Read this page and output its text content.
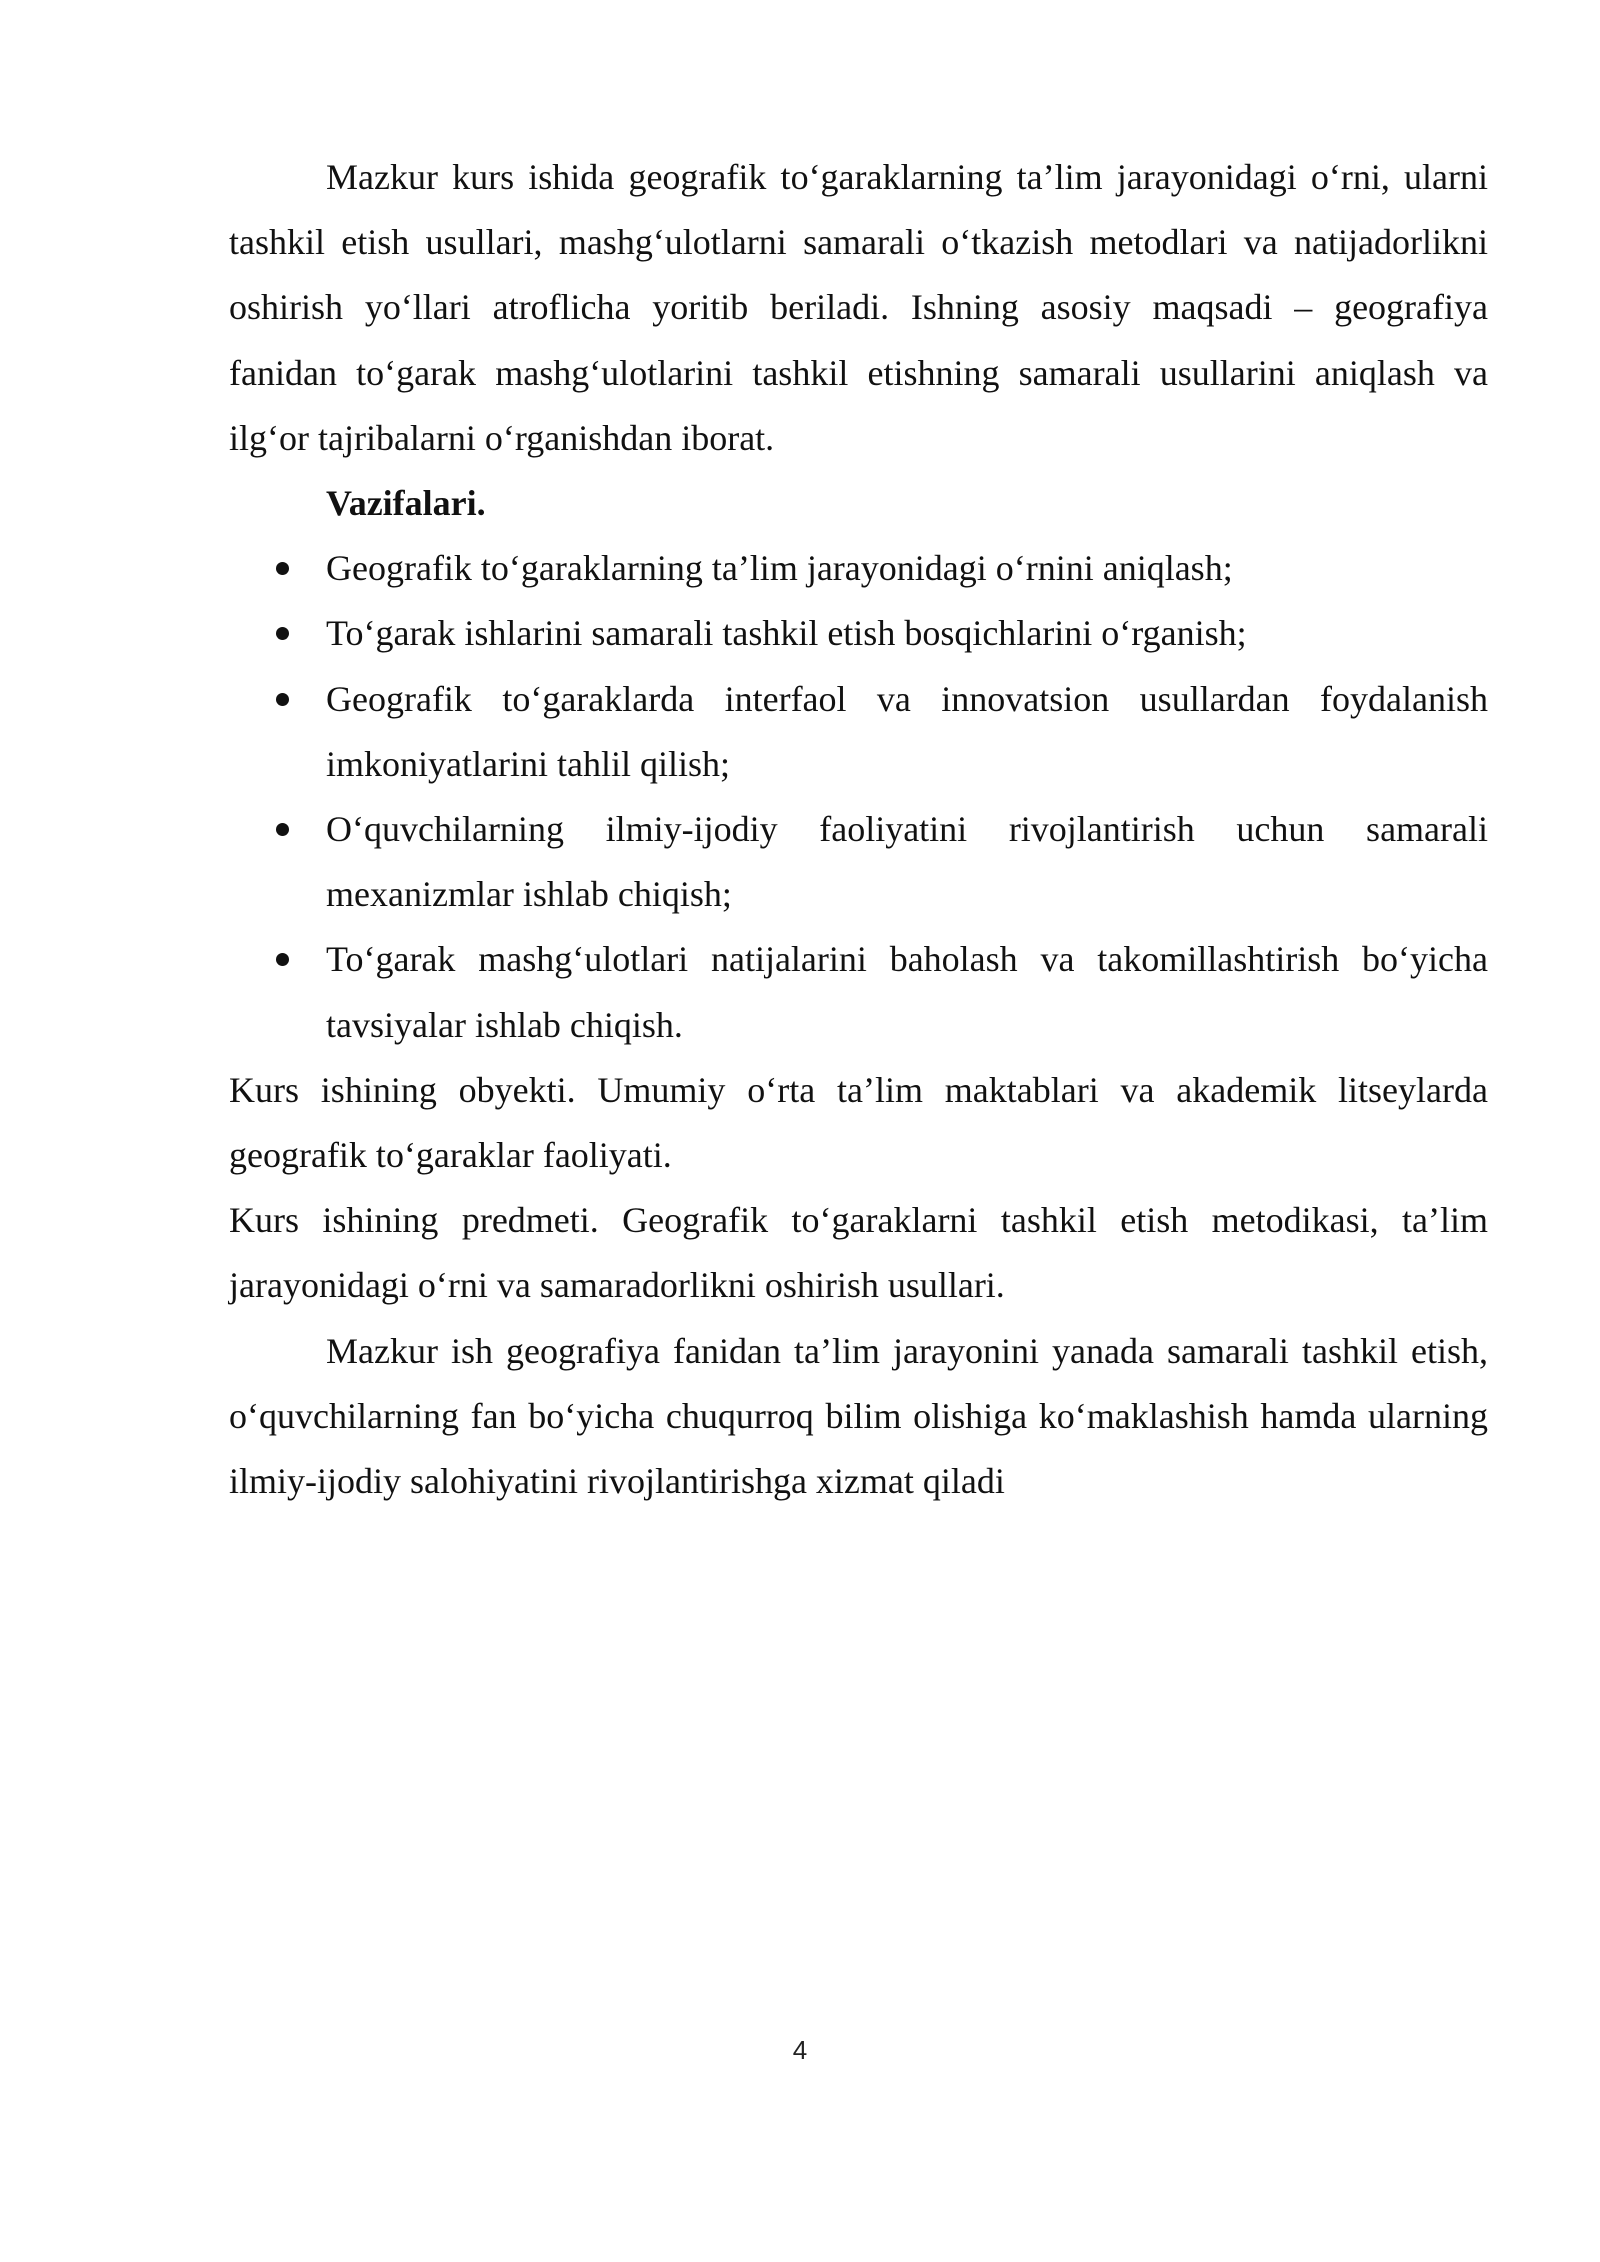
Mazkur kurs ishida geografik to‘garaklarning ta’lim jarayonidagi o‘rni, ularni tashkil etish usullari, mashg‘ulotlarni samarali o‘tkazish metodlari va natijadorlikni oshirish yo‘llari atroflicha yoritib beriladi. Ishning asosiy maqsadi – geografiya fanidan to‘garak mashg‘ulotlarini tashkil etishning samarali usullarini aniqlash va ilg‘or tajribalarni o‘rganishdan iborat.

Vazifalari.

Geografik to‘garaklarning ta’lim jarayonidagi o‘rnini aniqlash;
To‘garak ishlarini samarali tashkil etish bosqichlarini o‘rganish;
Geografik to‘garaklarda interfaol va innovatsion usullardan foydalanish imkoniyatlarini tahlil qilish;
O‘quvchilarning ilmiy-ijodiy faoliyatini rivojlantirish uchun samarali mexanizmlar ishlab chiqish;
To‘garak mashg‘ulotlari natijalarini baholash va takomillashtirish bo‘yicha tavsiyalar ishlab chiqish.

Kurs ishining obyekti. Umumiy o‘rta ta’lim maktablari va akademik litseylarda geografik to‘garaklar faoliyati.

Kurs ishining predmeti. Geografik to‘garaklarni tashkil etish metodikasi, ta’lim jarayonidagi o‘rni va samaradorlikni oshirish usullari.

Mazkur ish geografiya fanidan ta’lim jarayonini yanada samarali tashkil etish, o‘quvchilarning fan bo‘yicha chuqurroq bilim olishiga ko‘maklashish hamda ularning ilmiy-ijodiy salohiyatini rivojlantirishga xizmat qiladi

4
